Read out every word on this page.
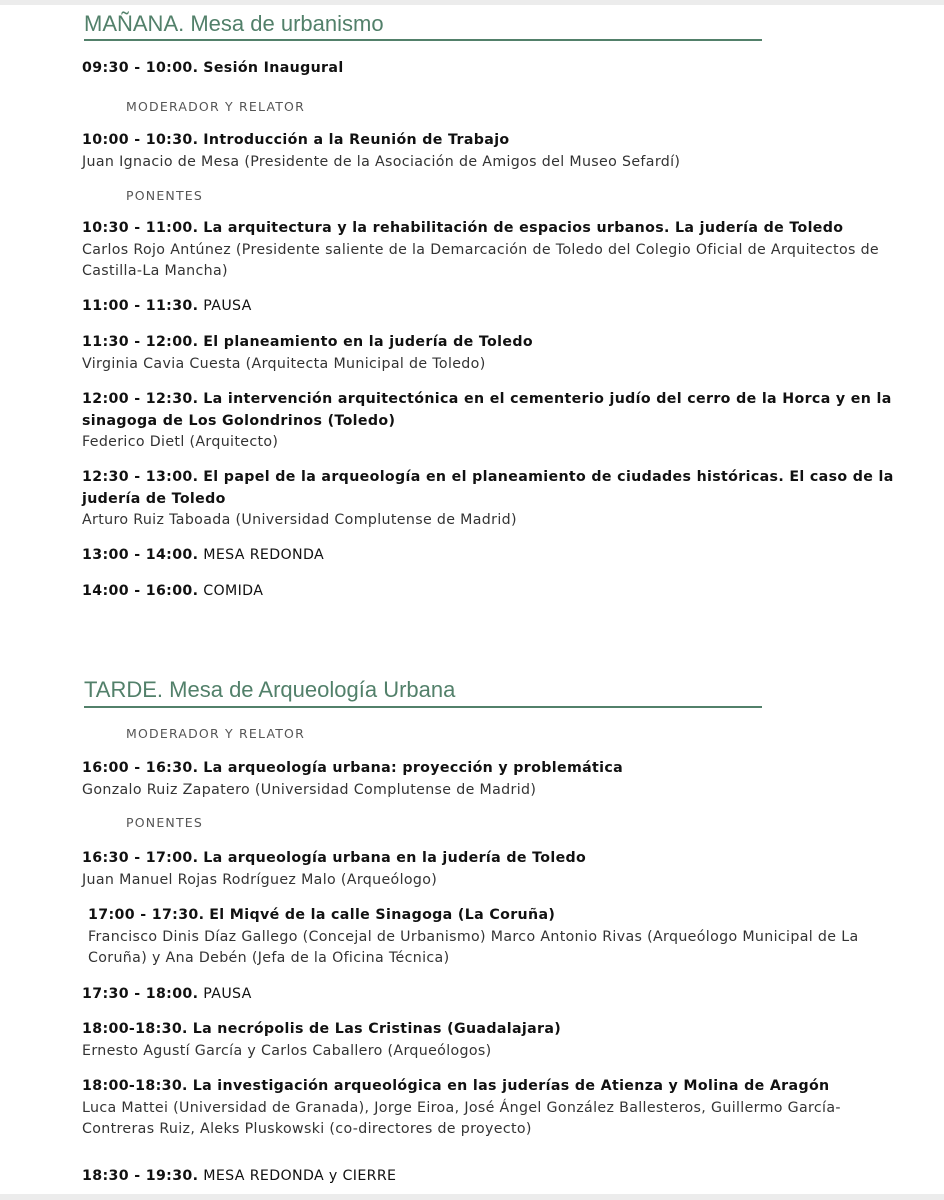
MAÑANA. Mesa de urbanismo

09:30 - 10:00. Sesión Inaugural

MODERADOR Y RELATOR

10:00 - 10:30. Introducción a la Reunión de Trabajo

Juan Ignacio de Mesa (Presidente de la Asociación de Amigos del Museo Sefardí)

PONENTES

10:30 - 11:00. La arquitectura y la rehabilitación de espacios urbanos. La judería de Toledo

Carlos Rojo Antúnez (Presidente saliente de la Demarcación de Toledo del Colegio Oficial de Arquitectos de Castilla-La Mancha)

11:00 - 11:30. PAUSA

11:30 - 12:00. El planeamiento en la judería de Toledo

Virginia Cavia Cuesta (Arquitecta Municipal de Toledo)

12:00 - 12:30. La intervención arquitectónica en el cementerio judío del cerro de la Horca y en la sinagoga de Los Golondrinos (Toledo)

Federico Dietl (Arquitecto)

12:30 - 13:00. El papel de la arqueología en el planeamiento de ciudades históricas. El caso de la judería de Toledo

Arturo Ruiz Taboada (Universidad Complutense de Madrid)

13:00 - 14:00. MESA REDONDA

14:00 - 16:00. COMIDA

TARDE. Mesa de Arqueología Urbana
MODERADOR Y RELATOR

16:00 - 16:30. La arqueología urbana: proyección y problemática

Gonzalo Ruiz Zapatero (Universidad Complutense de Madrid)

PONENTES

16:30 - 17:00. La arqueología urbana en la judería de Toledo

Juan Manuel Rojas Rodríguez Malo (Arqueólogo)

17:00 - 17:30. El Miqvé de la calle Sinagoga (La Coruña)

Francisco Dinis Díaz Gallego (Concejal de Urbanismo) Marco Antonio Rivas (Arqueólogo Municipal de La Coruña) y Ana Debén (Jefa de la Oficina Técnica)

17:30 - 18:00. PAUSA

18:00-18:30. La necrópolis de Las Cristinas (Guadalajara)

Ernesto Agustí García y Carlos Caballero (Arqueólogos)

18:00-18:30. La investigación arqueológica en las juderías de Atienza y Molina de Aragón

Luca Mattei (Universidad de Granada), Jorge Eiroa, José Ángel González Ballesteros, Guillermo García-Contreras Ruiz, Aleks Pluskowski (co-directores de proyecto)

18:30 - 19:30. MESA REDONDA y CIERRE
